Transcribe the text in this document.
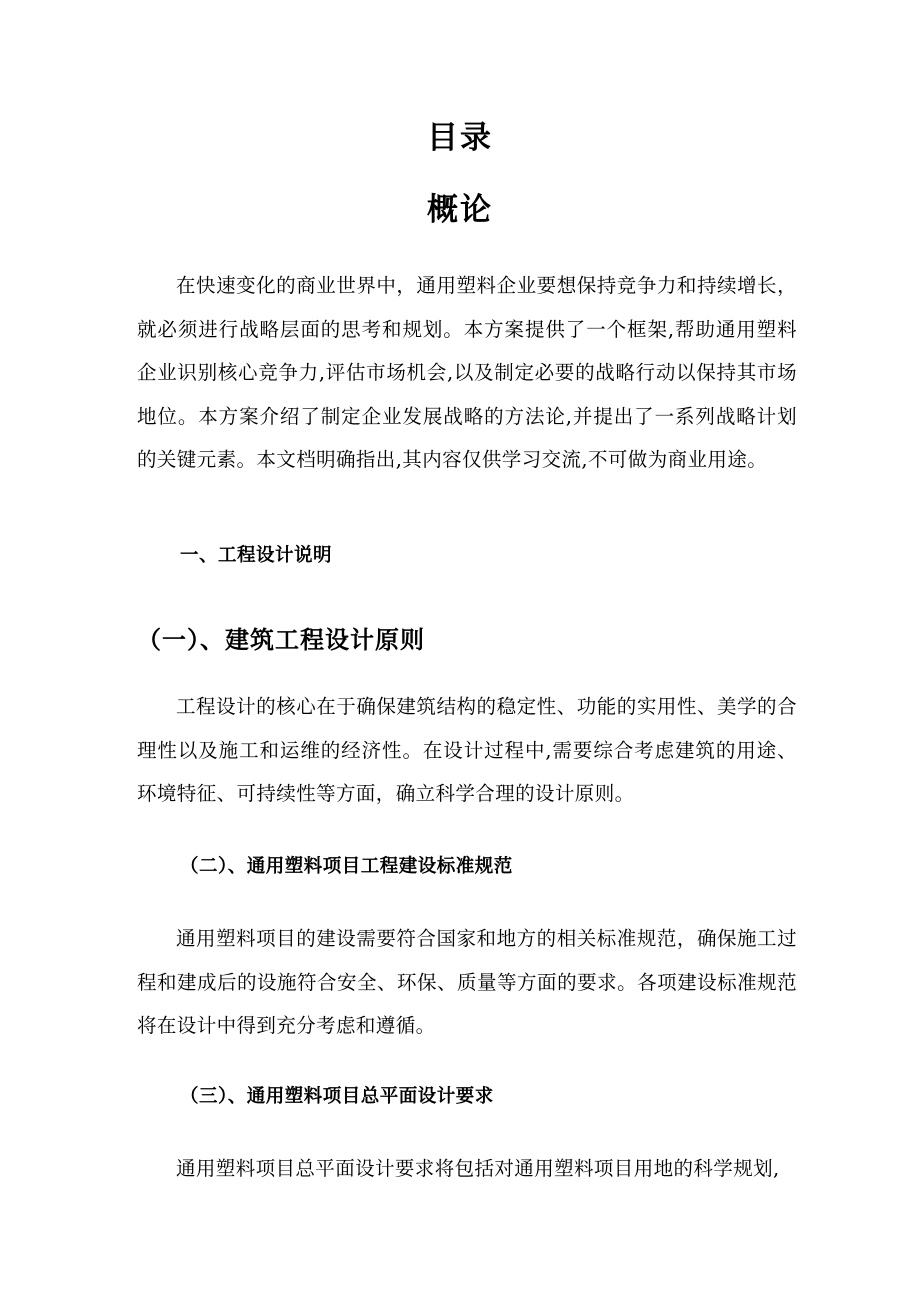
目录
概论

在快速变化的商业世界中，通用塑料企业要想保持竞争力和持续增长，就必须进行战略层面的思考和规划。本方案提供了一个框架,帮助通用塑料企业识别核心竞争力,评估市场机会,以及制定必要的战略行动以保持其市场地位。本方案介绍了制定企业发展战略的方法论,并提出了一系列战略计划的关键元素。本文档明确指出,其内容仅供学习交流,不可做为商业用途。

一、工程设计说明
（一）、建筑工程设计原则

工程设计的核心在于确保建筑结构的稳定性、功能的实用性、美学的合理性以及施工和运维的经济性。在设计过程中,需要综合考虑建筑的用途、环境特征、可持续性等方面，确立科学合理的设计原则。

（二）、通用塑料项目工程建设标准规范

通用塑料项目的建设需要符合国家和地方的相关标准规范，确保施工过程和建成后的设施符合安全、环保、质量等方面的要求。各项建设标准规范将在设计中得到充分考虑和遵循。

（三）、通用塑料项目总平面设计要求

通用塑料项目总平面设计要求将包括对通用塑料项目用地的科学规划,
